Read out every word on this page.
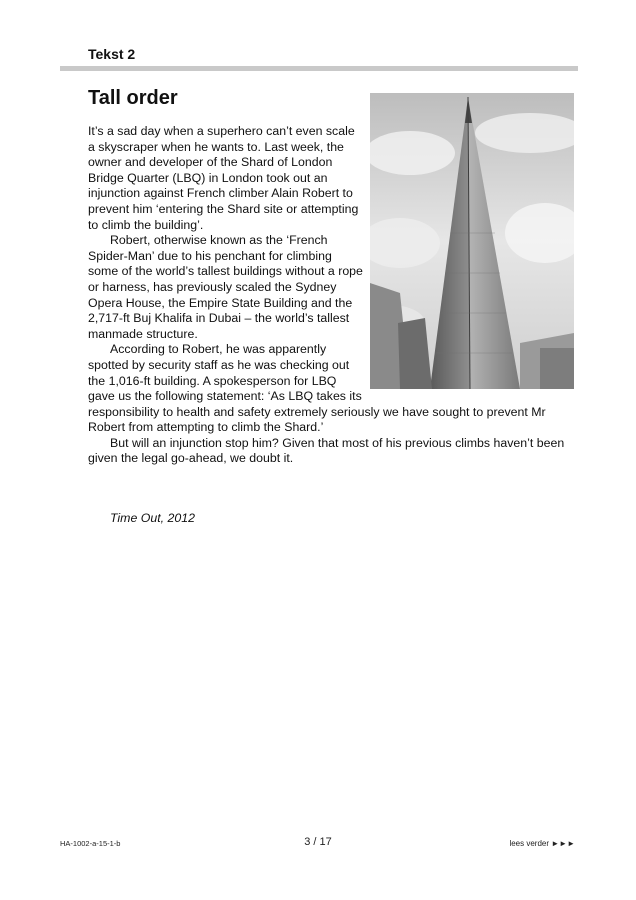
Tekst 2
Tall order

It’s a sad day when a superhero can’t even scale a skyscraper when he wants to. Last week, the owner and developer of the Shard of London Bridge Quarter (LBQ) in London took out an injunction against French climber Alain Robert to prevent him ‘entering the Shard site or attempting to climb the building’.

Robert, otherwise known as the ‘French Spider-Man’ due to his penchant for climbing some of the world’s tallest buildings without a rope or harness, has previously scaled the Sydney Opera House, the Empire State Building and the 2,717-ft Buj Khalifa in Dubai – the world’s tallest manmade structure.

According to Robert, he was apparently spotted by security staff as he was checking out the 1,016-ft building. A spokesperson for LBQ gave us the following statement: ‘As LBQ takes its responsibility to health and safety extremely seriously we have sought to prevent Mr Robert from attempting to climb the Shard.’

But will an injunction stop him? Given that most of his previous climbs haven’t been given the legal go-ahead, we doubt it.

Time Out, 2012
HA-1002-a-15-1-b	3 / 17	lees verder ►►►
